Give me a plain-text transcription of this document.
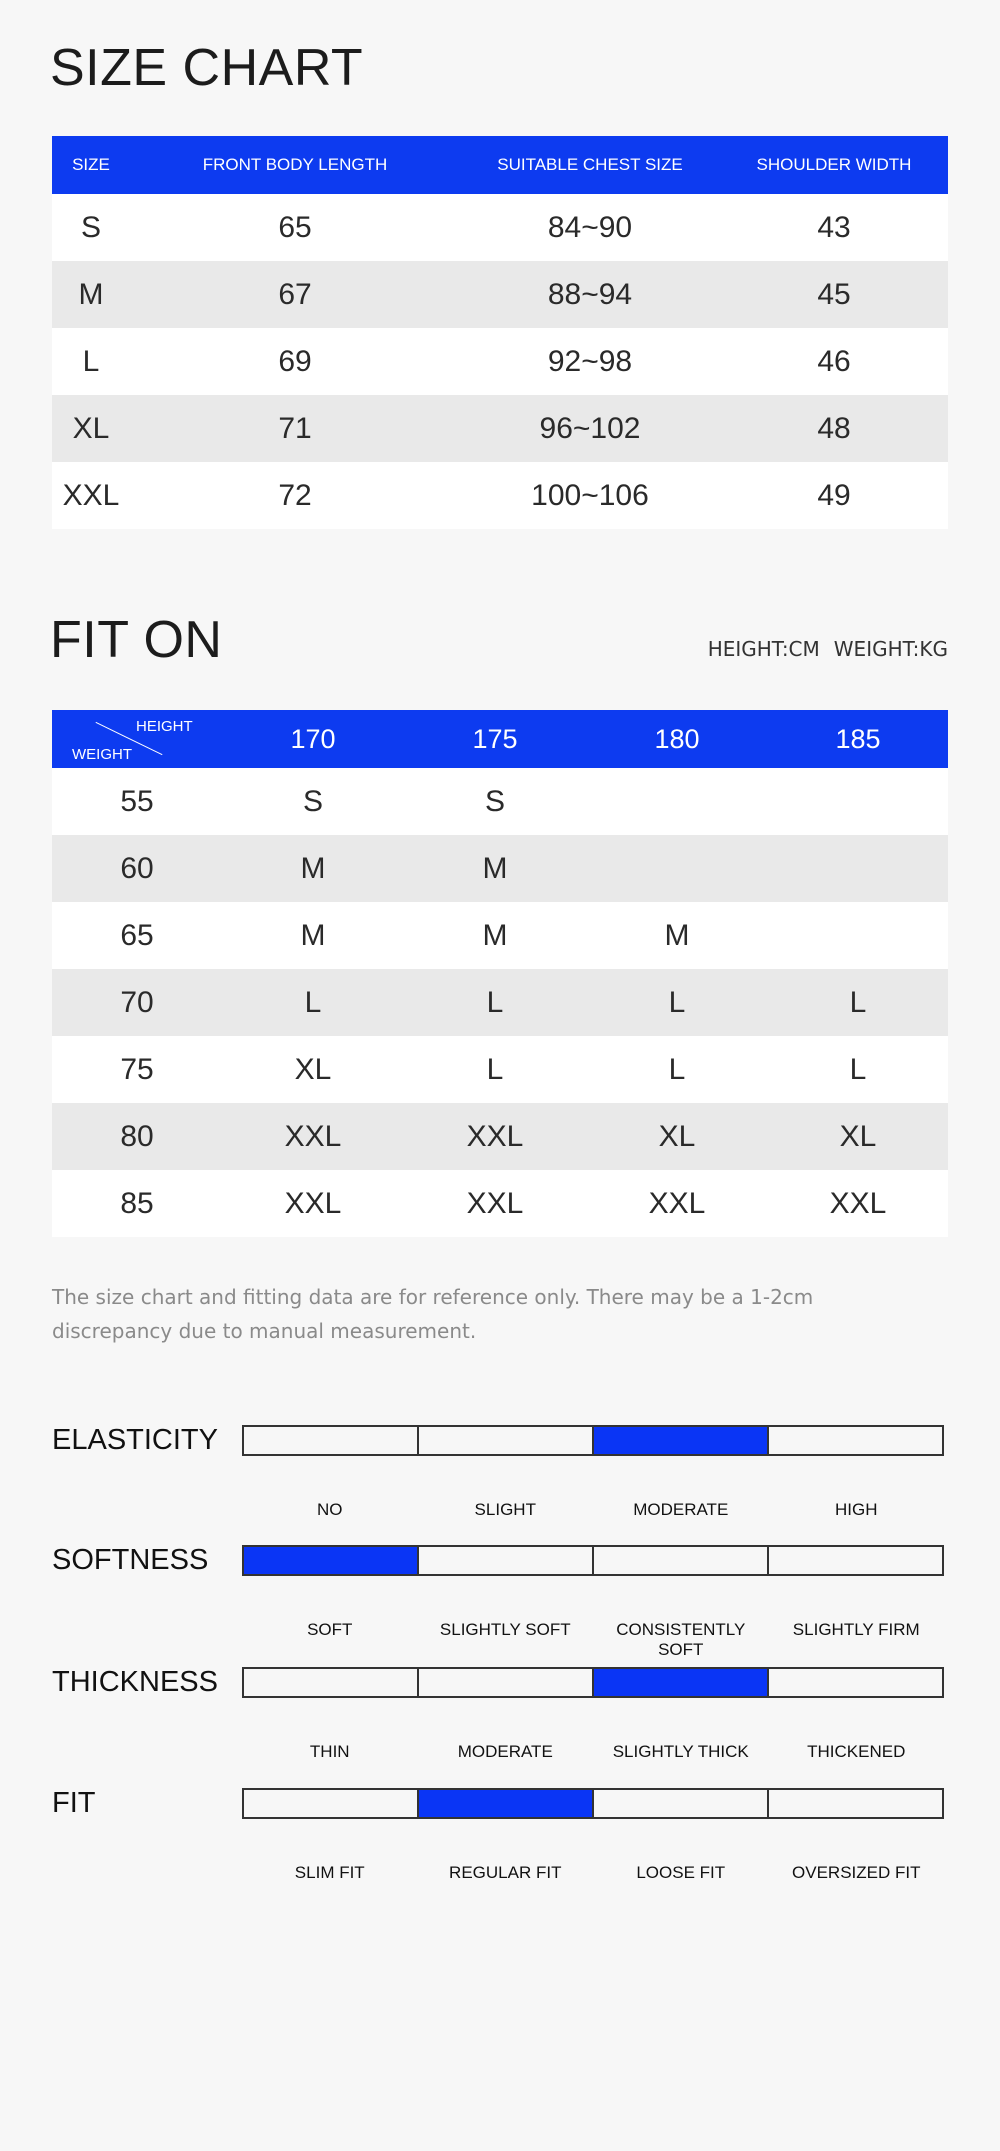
SIZE CHART
SIZE	FRONT BODY LENGTH	SUITABLE CHEST SIZE	SHOULDER WIDTH
S	65	84~90	43
M	67	88~94	45
L	69	92~98	46
XL	71	96~102	48
XXL	72	100~106	49
FIT ON	HEIGHT:CM WEIGHT:KG
HEIGHT
WEIGHT	170	175	180	185
55	S	S		
60	M	M		
65	M	M	M	
70	L	L	L	L
75	XL	L	L	L
80	XXL	XXL	XL	XL
85	XXL	XXL	XXL	XXL

The size chart and fitting data are for reference only. There may be a 1-2cm discrepancy due to manual measurement.

ELASTICITY
NO	SLIGHT	MODERATE	HIGH
SOFTNESS
SOFT	SLIGHTLY SOFT	CONSISTENTLY SOFT
SLIGHTLY FIRM
THICKNESS
THIN	MODERATE	SLIGHTLY THICK	THICKENED
FIT
SLIM FIT	REGULAR FIT	LOOSE FIT	OVERSIZED FIT
